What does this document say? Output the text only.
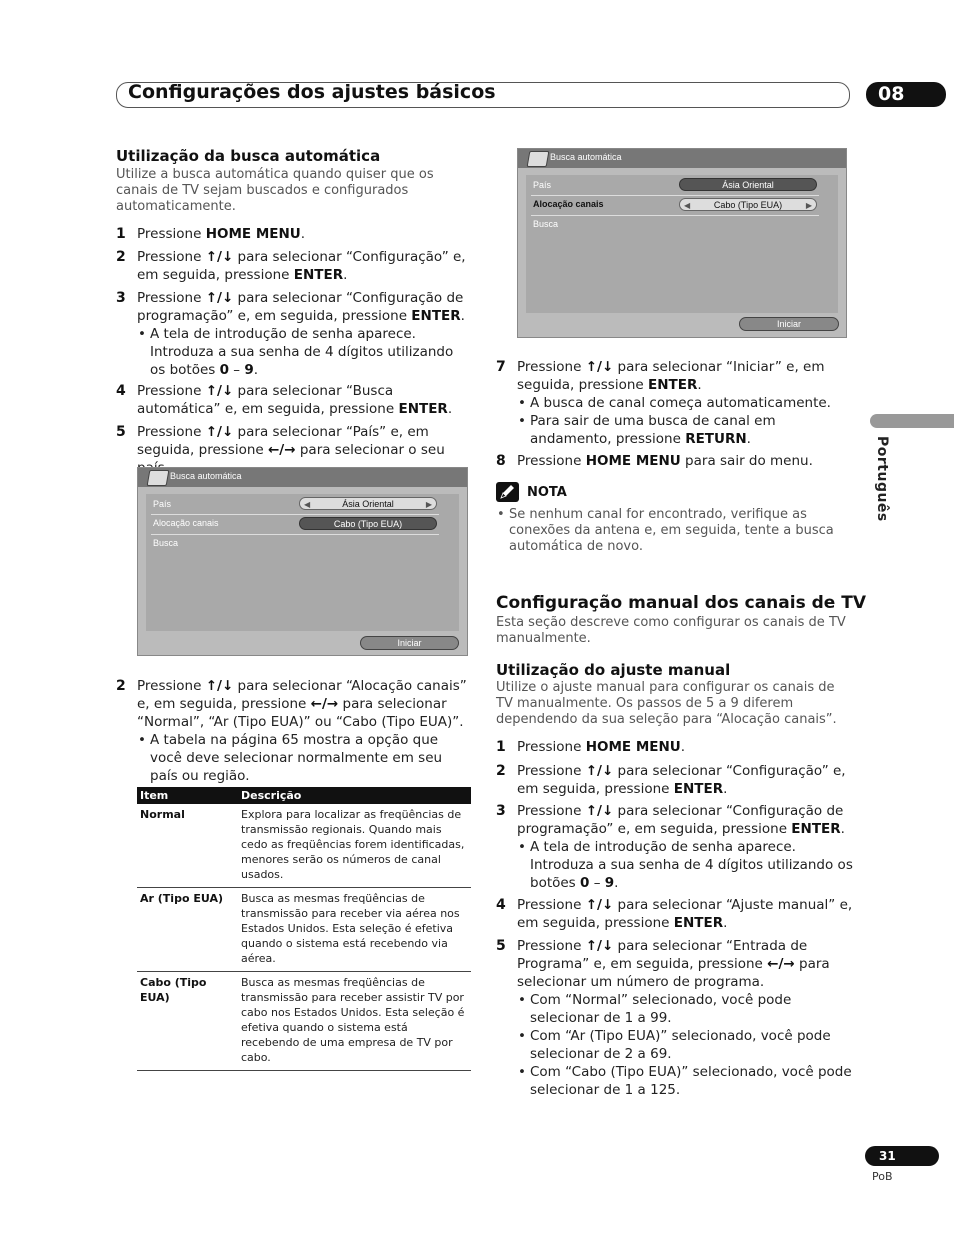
Configurações dos ajustes básicos	08
Português
Utilização da busca automática

Utilize a busca automática quando quiser que os canais de TV sejam buscados e configurados automaticamente.

1 Pressione HOME MENU.
2 Pressione ↑/↓ para selecionar “Configuração” e, em seguida, pressione ENTER.
3 Pressione ↑/↓ para selecionar “Configuração de programação” e, em seguida, pressione ENTER.
• A tela de introdução de senha aparece. Introduza a sua senha de 4 dígitos utilizando os botões 0 – 9.
4 Pressione ↑/↓ para selecionar “Busca automática” e, em seguida, pressione ENTER.
5 Pressione ↑/↓ para selecionar “País” e, em seguida, pressione ←/→ para selecionar o seu
Busca automática
País	◀	Ásia Oriental	▶
Alocação canais	Cabo (Tipo EUA)
Busca
Iniciar
2 Pressione ↑/↓ para selecionar “Alocação canais” e, em seguida, pressione ←/→ para selecionar “Normal”, “Ar (Tipo EUA)” ou “Cabo (Tipo EUA)”.
• A tabela na página 65 mostra a opção que você deve selecionar normalmente em seu país ou região.
Item	Descrição
Normal	Explora para localizar as freqüências de transmissão regionais. Quando mais cedo as freqüências forem identificadas, menores serão os números de canal usados.
Ar (Tipo EUA)	Busca as mesmas freqüências de transmissão para receber via aérea nos Estados Unidos. Esta seleção é efetiva quando o sistema está recebendo via aérea.
Cabo (Tipo EUA)	Busca as mesmas freqüências de transmissão para receber assistir TV por cabo nos Estados Unidos. Esta seleção é efetiva quando o sistema está recebendo de uma empresa de TV por cabo.
Busca automática
País	Ásia Oriental
Alocação canais	◀	Cabo (Tipo EUA)	▶
Busca
Iniciar
7 Pressione ↑/↓ para selecionar “Iniciar” e, em seguida, pressione ENTER.
• A busca de canal começa automaticamente.
• Para sair de uma busca de canal em andamento, pressione RETURN.
8 Pressione HOME MENU para sair do menu.
NOTA
• Se nenhum canal for encontrado, verifique as conexões da antena e, em seguida, tente a busca automática de novo.
Configuração manual dos canais de TV

Esta seção descreve como configurar os canais de TV manualmente.

Utilização do ajuste manual

Utilize o ajuste manual para configurar os canais de TV manualmente. Os passos de 5 a 9 diferem dependendo da sua seleção para “Alocação canais”.

1 Pressione HOME MENU.
2 Pressione ↑/↓ para selecionar “Configuração” e, em seguida, pressione ENTER.
3 Pressione ↑/↓ para selecionar “Configuração de programação” e, em seguida, pressione ENTER.
• A tela de introdução de senha aparece. Introduza a sua senha de 4 dígitos utilizando os botões 0 – 9.
4 Pressione ↑/↓ para selecionar “Ajuste manual” e, em seguida, pressione ENTER.
5 Pressione ↑/↓ para selecionar “Entrada de Programa” e, em seguida, pressione ←/→ para selecionar um número de programa.
• Com “Normal” selecionado, você pode selecionar de 1 a 99.
• Com “Ar (Tipo EUA)” selecionado, você pode selecionar de 2 a 69.
• Com “Cabo (Tipo EUA)” selecionado, você pode selecionar de 1 a 125.
31
PoB
